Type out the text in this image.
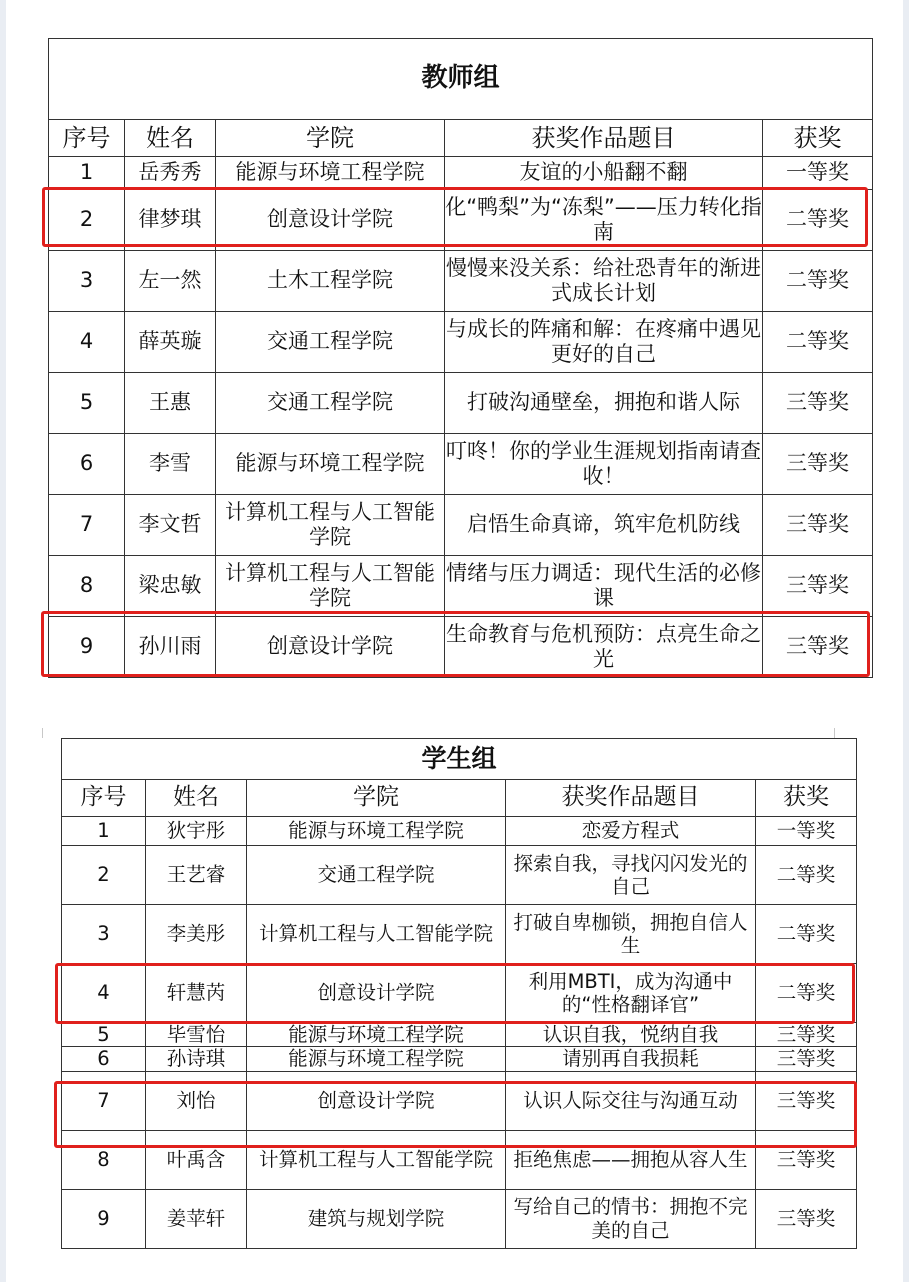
教师组				
序号	姓名	学院	获奖作品题目	获奖
1	岳秀秀	能源与环境工程学院	友谊的小船翻不翻	一等奖
2	律梦琪	创意设计学院	化“鸭梨”为“冻梨”——压力转化指南	二等奖
3	左一然	土木工程学院	慢慢来没关系：给社恐青年的渐进式成长计划	二等奖
4	薛英璇	交通工程学院	与成长的阵痛和解：在疼痛中遇见更好的自己	二等奖
5	王惠	交通工程学院	打破沟通壁垒，拥抱和谐人际	三等奖
6	李雪	能源与环境工程学院	叮咚！你的学业生涯规划指南请查收！	三等奖
7	李文哲	计算机工程与人工智能学院	启悟生命真谛，筑牢危机防线	三等奖
8	梁忠敏	计算机工程与人工智能学院	情绪与压力调适：现代生活的必修课	三等奖
9	孙川雨	创意设计学院	生命教育与危机预防：点亮生命之光	三等奖
学生组				
序号	姓名	学院	获奖作品题目	获奖
1	狄宇彤	能源与环境工程学院	恋爱方程式	一等奖
2	王艺睿	交通工程学院	探索自我，寻找闪闪发光的自己	二等奖
3	李美彤	计算机工程与人工智能学院	打破自卑枷锁，拥抱自信人生	二等奖
4	轩慧芮	创意设计学院	利用MBTI，成为沟通中的“性格翻译官”	二等奖
5	毕雪怡	能源与环境工程学院	认识自我，悦纳自我	三等奖
6	孙诗琪	能源与环境工程学院	请别再自我损耗	三等奖
7	刘怡	创意设计学院	认识人际交往与沟通互动	三等奖
8	叶禹含	计算机工程与人工智能学院	拒绝焦虑——拥抱从容人生	三等奖
9	姜苹轩	建筑与规划学院	写给自己的情书：拥抱不完美的自己	三等奖
